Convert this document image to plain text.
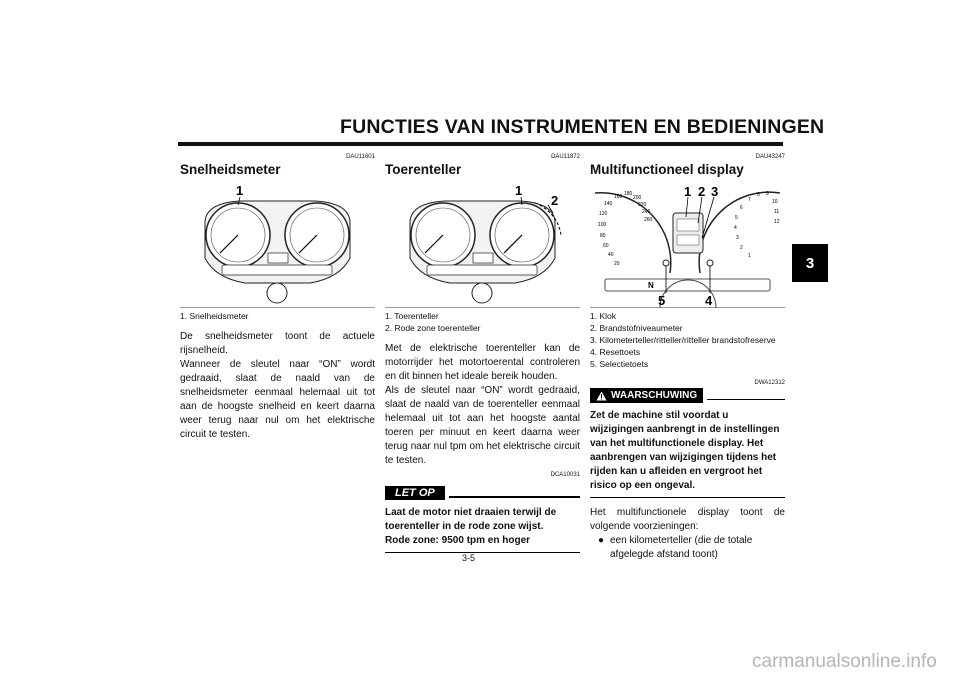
FUNCTIES VAN INSTRUMENTEN EN BEDIENINGEN
3
DAU11601
Snelheidsmeter
1
1. Snelheidsmeter

De snelheidsmeter toont de actuele rijsnelheid.

Wanneer de sleutel naar “ON” wordt gedraaid, slaat de naald van de snelheidsmeter eenmaal helemaal uit tot aan de hoogste snelheid en keert daarna weer terug naar nul om het elektrische circuit te testen.

DAU11872
Toerenteller
1
2
1. Toerenteller
2. Rode zone toerenteller

Met de elektrische toerenteller kan de motorrijder het motortoerental controleren en dit binnen het ideale bereik houden.

Als de sleutel naar “ON” wordt gedraaid, slaat de naald van de toerenteller eenmaal helemaal uit tot aan het hoogste aantal toeren per minuut en keert daarna weer terug naar nul tpm om het elektrische circuit te testen.

DCA10031
LET OP

Laat de motor niet draaien terwijl de toerenteller in de rode zone wijst.

Rode zone: 9500 tpm en hoger

DAU43247
Multifunctioneel display
N
1 2 3
5	4
20
40
60
80
100
120
140
160 180
200
220
240
260
1
2
3
4
5
6
7
8 9
10
11
12
1. Klok
2. Brandstofniveaumeter
3. Kilometerteller/ritteller/ritteller brandstofreserve
4. Resettoets
5. Selectietoets
DWA12312
WAARSCHUWING

Zet de machine stil voordat u wijzigingen aanbrengt in de instellingen van het multifunctionele display. Het aanbrengen van wijzigingen tijdens het rijden kan u afleiden en vergroot het risico op een ongeval.

Het multifunctionele display toont de volgende voorzieningen:

● een kilometerteller (die de totale afgelegde afstand toont)
3-5
carmanualsonline.info
